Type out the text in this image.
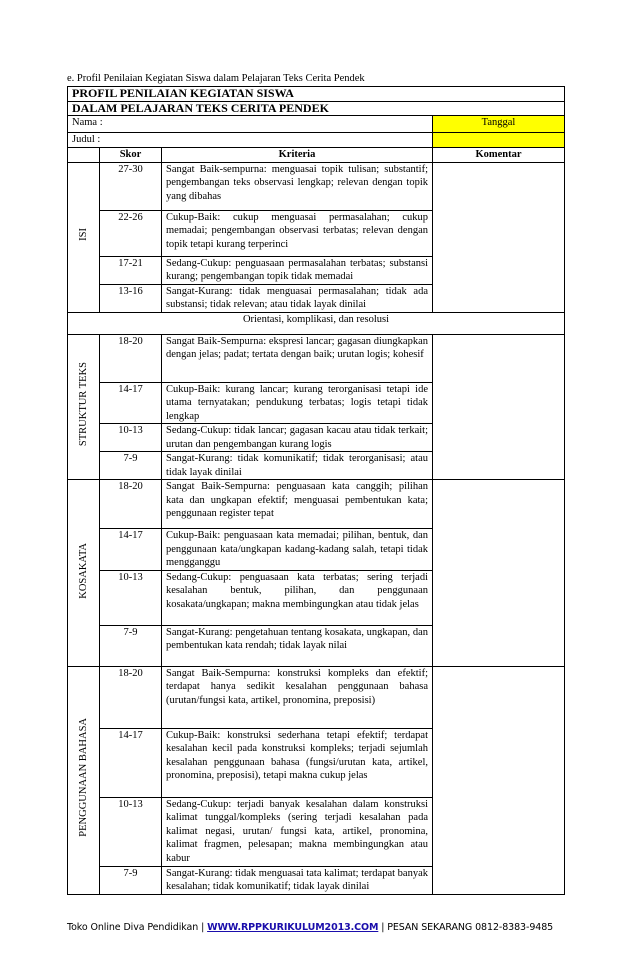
e. Profil Penilaian Kegiatan Siswa dalam Pelajaran Teks Cerita Pendek
PROFIL PENILAIAN KEGIATAN SISWA			
DALAM PELAJARAN TEKS CERITA PENDEK			
Nama :			Tanggal
Judul :			
	Skor	Kriteria	Komentar
ISI	27-30	Sangat Baik-sempurna: menguasai topik tulisan; substantif; pengembangan teks observasi lengkap; relevan dengan topik yang dibahas	
	22-26	Cukup-Baik: cukup menguasai permasalahan; cukup memadai; pengembangan observasi terbatas; relevan dengan topik tetapi kurang terperinci	
	17-21	Sedang-Cukup: penguasaan permasalahan terbatas; substansi kurang; pengembangan topik tidak memadai	
	13-16	Sangat-Kurang: tidak menguasai permasalahan; tidak ada substansi; tidak relevan; atau tidak layak dinilai	
Orientasi, komplikasi, dan resolusi			
STRUKTUR TEKS	18-20	Sangat Baik-Sempurna: ekspresi lancar; gagasan diungkapkan dengan jelas; padat; tertata dengan baik; urutan logis; kohesif	
	14-17	Cukup-Baik: kurang lancar; kurang terorganisasi tetapi ide utama ternyatakan; pendukung terbatas; logis tetapi tidak lengkap	
	10-13	Sedang-Cukup: tidak lancar; gagasan kacau atau tidak terkait; urutan dan pengembangan kurang logis	
	7-9	Sangat-Kurang: tidak komunikatif; tidak terorganisasi; atau tidak layak dinilai	
KOSAKATA	18-20	Sangat Baik-Sempurna: penguasaan kata canggih; pilihan kata dan ungkapan efektif; menguasai pembentukan kata; penggunaan register tepat	
	14-17	Cukup-Baik: penguasaan kata memadai; pilihan, bentuk, dan penggunaan kata/ungkapan kadang-kadang salah, tetapi tidak mengganggu	
	10-13	Sedang-Cukup: penguasaan kata terbatas; sering terjadi kesalahan bentuk, pilihan, dan penggunaan kosakata/ungkapan; makna membingungkan atau tidak jelas	
	7-9	Sangat-Kurang: pengetahuan tentang kosakata, ungkapan, dan pembentukan kata rendah; tidak layak nilai	
PENGGUNAAN BAHASA	18-20	Sangat Baik-Sempurna: konstruksi kompleks dan efektif; terdapat hanya sedikit kesalahan penggunaan bahasa (urutan/fungsi kata, artikel, pronomina, preposisi)	
	14-17	Cukup-Baik: konstruksi sederhana tetapi efektif; terdapat kesalahan kecil pada konstruksi kompleks; terjadi sejumlah kesalahan penggunaan bahasa (fungsi/urutan kata, artikel, pronomina, preposisi), tetapi makna cukup jelas	
	10-13	Sedang-Cukup: terjadi banyak kesalahan dalam konstruksi kalimat tunggal/kompleks (sering terjadi kesalahan pada kalimat negasi, urutan/ fungsi kata, artikel, pronomina, kalimat fragmen, pelesapan; makna membingungkan atau kabur	
	7-9	Sangat-Kurang: tidak menguasai tata kalimat; terdapat banyak kesalahan; tidak komunikatif; tidak layak dinilai	
Toko Online Diva Pendidikan | WWW.RPPKURIKULUM2013.COM | PESAN SEKARANG 0812-8383-9485
